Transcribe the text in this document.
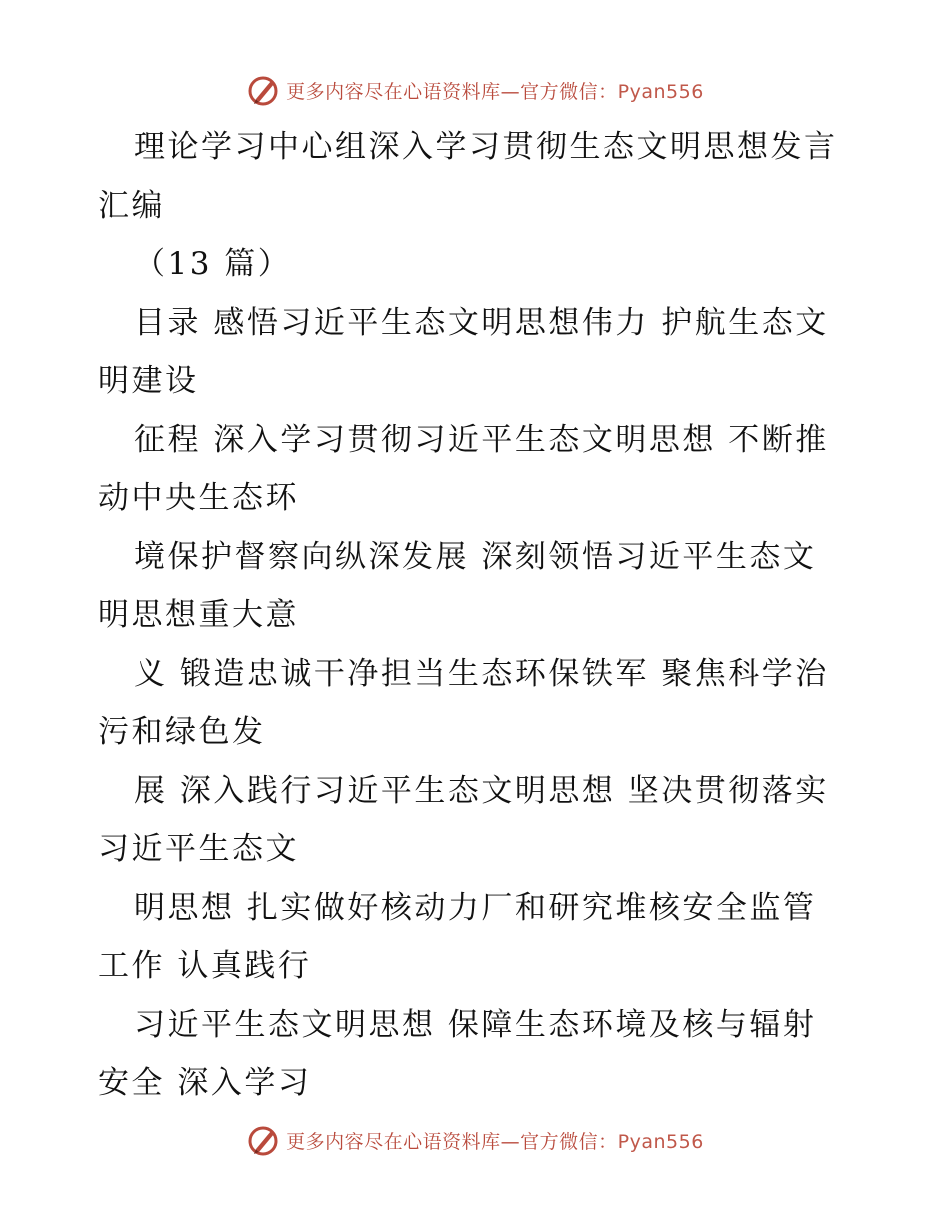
更多内容尽在心语资料库—官方微信：Pyan556
理论学习中心组深入学习贯彻生态文明思想发言
汇编
（13 篇）
目录 感悟习近平生态文明思想伟力 护航生态文
明建设
征程 深入学习贯彻习近平生态文明思想 不断推
动中央生态环
境保护督察向纵深发展 深刻领悟习近平生态文
明思想重大意
义 锻造忠诚干净担当生态环保铁军 聚焦科学治
污和绿色发
展 深入践行习近平生态文明思想 坚决贯彻落实
习近平生态文
明思想 扎实做好核动力厂和研究堆核安全监管
工作 认真践行
习近平生态文明思想 保障生态环境及核与辐射
安全 深入学习
更多内容尽在心语资料库—官方微信：Pyan556
